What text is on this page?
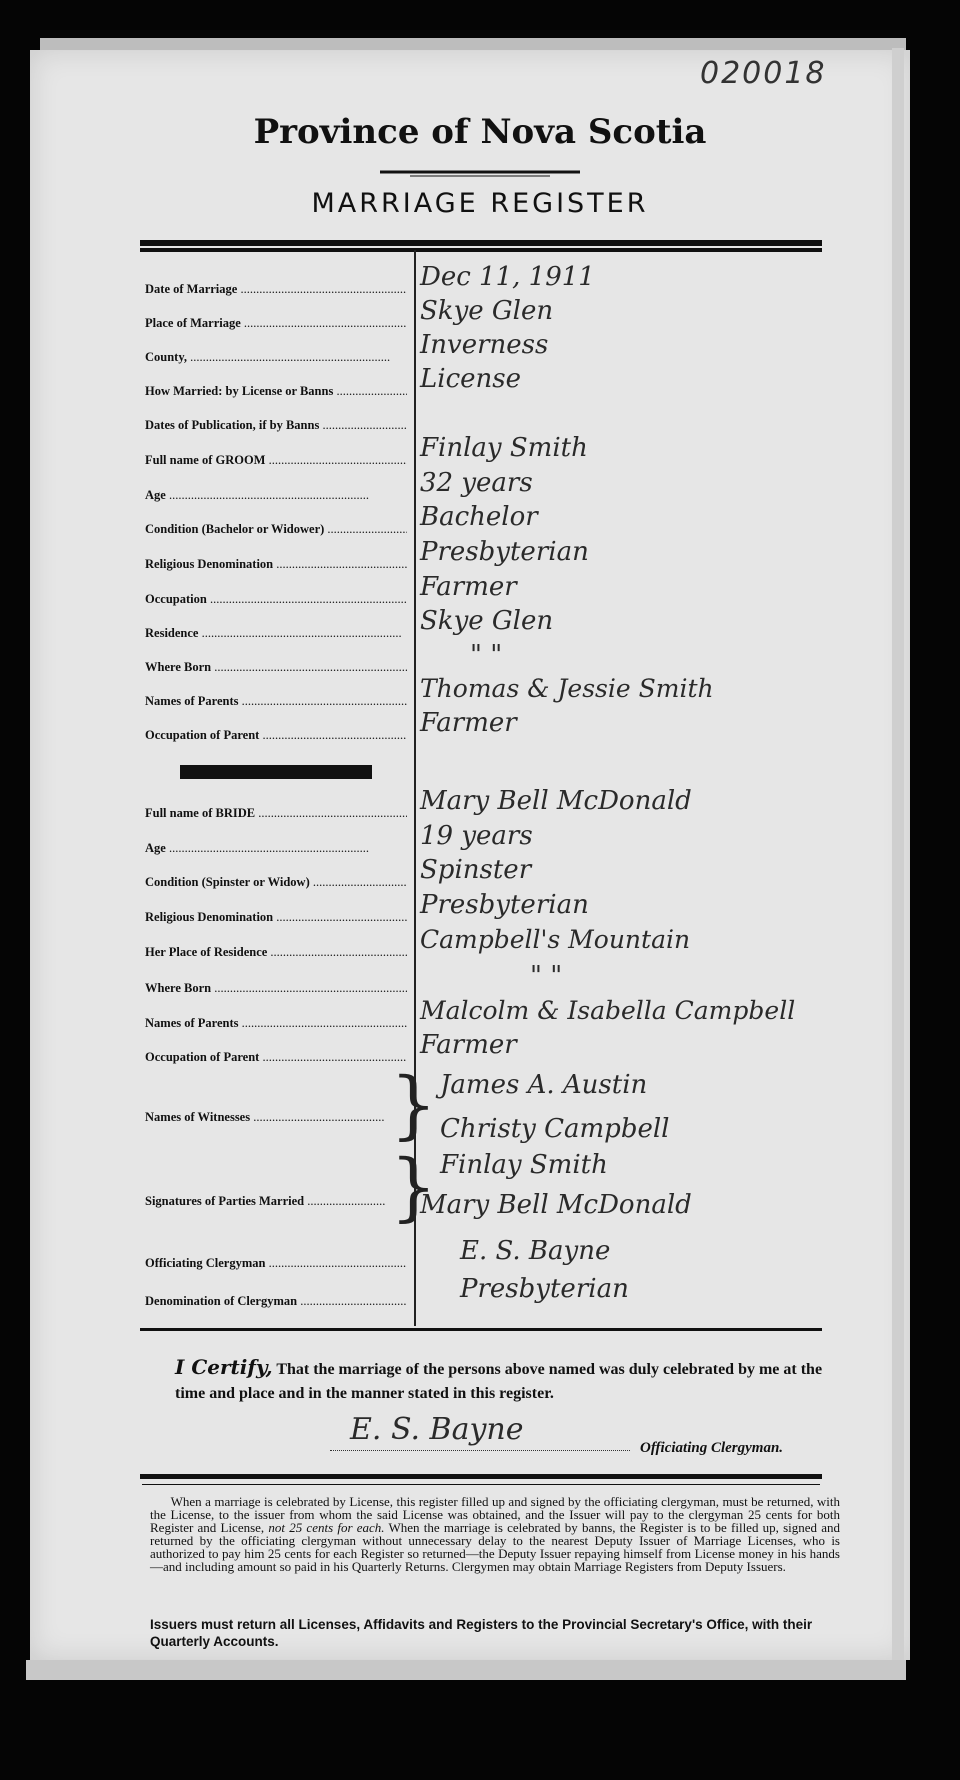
020018
Province of Nova Scotia
MARRIAGE REGISTER
Date of Marriage .....	Dec 11, 1911
Place of Marriage .....	Skye Glen
County, .....	Inverness
How Married: by License or Banns .....	License
Dates of Publication, if by Banns .....
Full name of GROOM .....	Finlay Smith
Age .....	32 years
Condition (Bachelor or Widower) .....	Bachelor
Religious Denomination .....	Presbyterian
Occupation .....	Farmer
Residence .....	Skye Glen
Where Born .....	" "
Names of Parents .....	Thomas & Jessie Smith
Occupation of Parent .....	Farmer
Full name of BRIDE .....	Mary Bell McDonald
Age .....	19 years
Condition (Spinster or Widow) .....	Spinster
Religious Denomination .....	Presbyterian
Her Place of Residence .....	Campbell's Mountain
Where Born .....	" "
Names of Parents .....	Malcolm & Isabella Campbell
Occupation of Parent .....	Farmer
Names of Witnesses .....	} James A. Austin
Christy Campbell
Signatures of Parties Married .....	} Finlay Smith
Mary Bell McDonald
Officiating Clergyman .....	E. S. Bayne
Denomination of Clergyman .....	Presbyterian
I Certify, That the marriage of the persons above named was duly celebrated by me at the time and place and in the manner stated in this register.
E. S. Bayne
Officiating Clergyman.
When a marriage is celebrated by License, this register filled up and signed by the officiating clergyman, must be returned, with the License, to the issuer from whom the said License was obtained, and the Issuer will pay to the clergyman 25 cents for both Register and License, not 25 cents for each. When the marriage is celebrated by banns, the Register is to be filled up, signed and returned by the officiating clergyman without unnecessary delay to the nearest Deputy Issuer of Marriage Licenses, who is authorized to pay him 25 cents for each Register so returned—the Deputy Issuer repaying himself from License money in his hands—and including amount so paid in his Quarterly Returns. Clergymen may obtain Marriage Registers from Deputy Issuers.
Issuers must return all Licenses, Affidavits and Registers to the Provincial Secretary's Office, with their Quarterly Accounts.
